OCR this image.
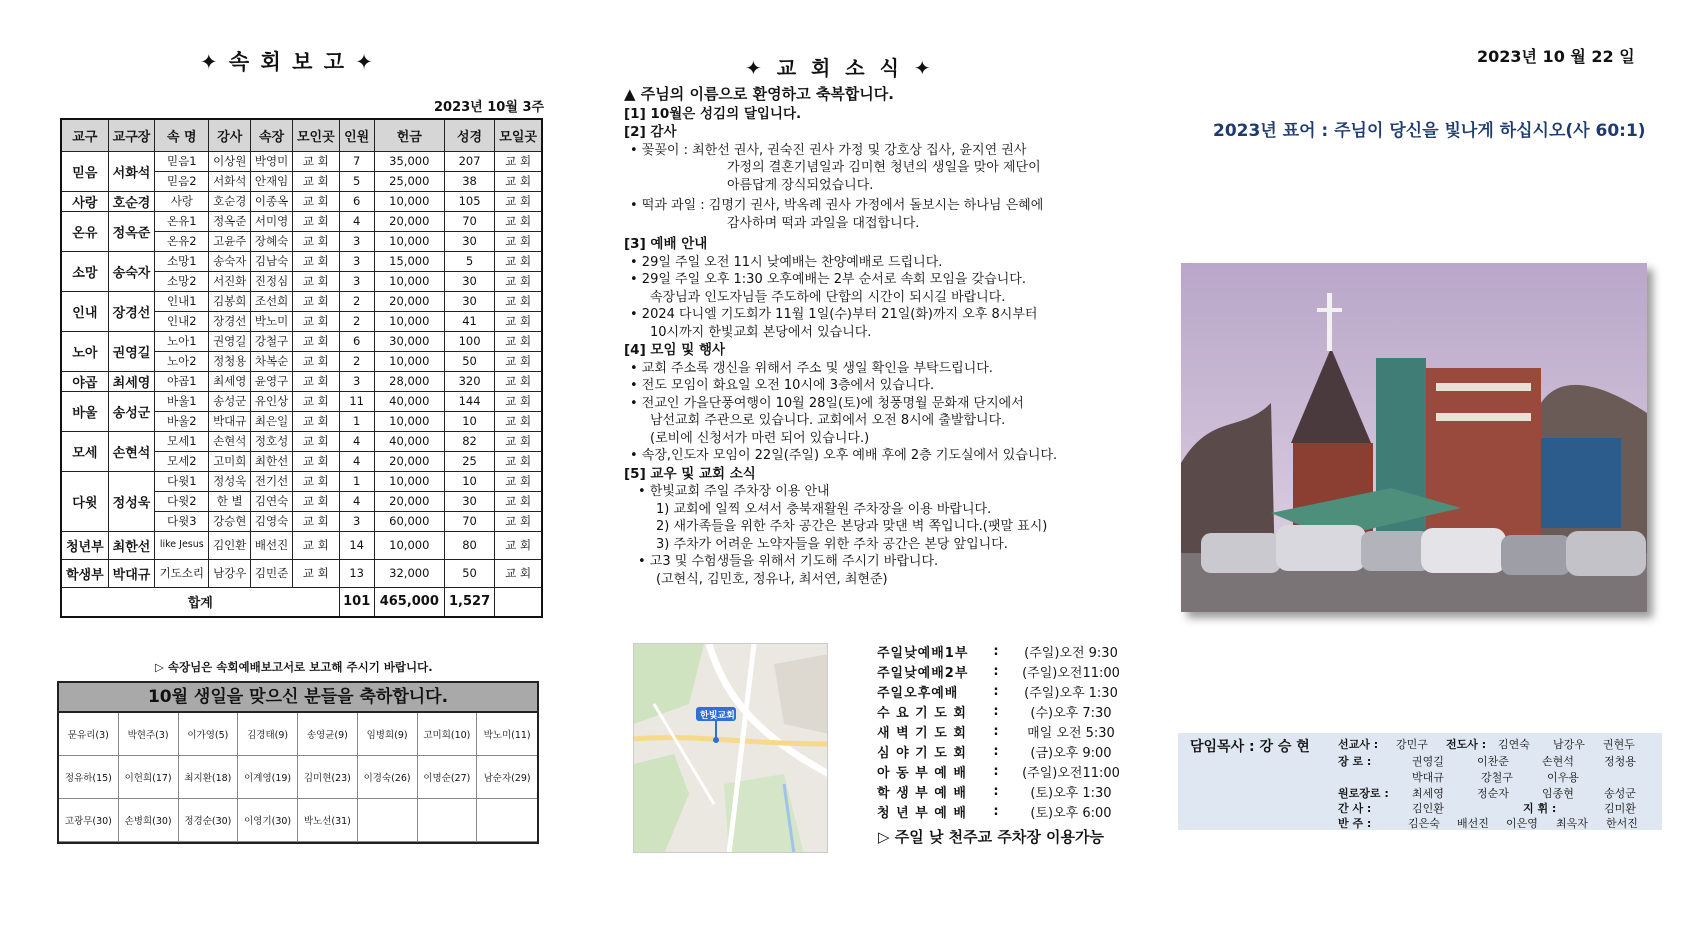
✦ 속 회 보 고 ✦
2023년 10월 3주
교구	교구장	속 명	강사	속장	모인곳	인원	헌금	성경	모일곳
믿음	서화석	믿음1	이상원	박영미	교 회	7	35,000	207	교 회
		믿음2	서화석	안재임	교 회	5	25,000	38	교 회
사랑	호순경	사랑	호순경	이종옥	교 회	6	10,000	105	교 회
온유	정옥준	온유1	정옥준	서미영	교 회	4	20,000	70	교 회
		온유2	고윤주	장혜숙	교 회	3	10,000	30	교 회
소망	송숙자	소망1	송숙자	김남숙	교 회	3	15,000	5	교 회
		소망2	서진화	진정심	교 회	3	10,000	30	교 회
인내	장경선	인내1	김봉희	조선희	교 회	2	20,000	30	교 회
		인내2	장경선	박노미	교 회	2	10,000	41	교 회
노아	권영길	노아1	권영길	강철구	교 회	6	30,000	100	교 회
		노아2	정청용	차복순	교 회	2	10,000	50	교 회
야곱	최세영	야곱1	최세영	윤영구	교 회	3	28,000	320	교 회
바울	송성군	바울1	송성군	유인상	교 회	11	40,000	144	교 회
		바울2	박대규	최은일	교 회	1	10,000	10	교 회
모세	손현석	모세1	손현석	정호성	교 회	4	40,000	82	교 회
		모세2	고미희	최한선	교 회	4	20,000	25	교 회
다윗	정성욱	다윗1	정성욱	전기선	교 회	1	10,000	10	교 회
		다윗2	한 별	김연숙	교 회	4	20,000	30	교 회
		다윗3	강승현	김영숙	교 회	3	60,000	70	교 회
청년부	최한선	like Jesus	김인환	배선진	교 회	14	10,000	80	교 회
학생부	박대규	기도소리	남강우	김민준	교 회	13	32,000	50	교 회
합계						101	465,000	1,527	
▷ 속장님은 속회예배보고서로 보고해 주시기 바랍니다.
10월 생일을 맞으신 분들을 축하합니다.
문유리(3)	박현주(3)	이가영(5)	김경태(9)	송영균(9)	임병희(9)	고미희(10)	박노미(11)
정유하(15)	이헌희(17)	최지환(18)	이계영(19)	김미현(23)	이경숙(26)	이명순(27)	남순자(29)
고광무(30)	손병희(30)	정경순(30)	이영기(30)	박노선(31)
✦ 교 회 소 식 ✦
▲ 주님의 이름으로 환영하고 축복합니다.
[1] 10월은 성김의 달입니다.
[2] 감사
• 꽃꽂이 : 최한선 권사, 권숙진 권사 가정 및 강호상 집사, 윤지연 권사
가정의 결혼기념일과 김미현 청년의 생일을 맞아 제단이
아름답게 장식되었습니다.
• 떡과 과일 : 김명기 권사, 박옥례 권사 가정에서 돌보시는 하나님 은혜에
감사하며 떡과 과일을 대접합니다.
[3] 예배 안내
• 29일 주일 오전 11시 낮예배는 찬양예배로 드립니다.
• 29일 주일 오후 1:30 오후예배는 2부 순서로 속회 모임을 갖습니다.
속장님과 인도자님들 주도하에 단합의 시간이 되시길 바랍니다.
• 2024 다니엘 기도회가 11월 1일(수)부터 21일(화)까지 오후 8시부터
10시까지 한빛교회 본당에서 있습니다.
[4] 모임 및 행사
• 교회 주소록 갱신을 위해서 주소 및 생일 확인을 부탁드립니다.
• 전도 모임이 화요일 오전 10시에 3층에서 있습니다.
• 전교인 가을단풍여행이 10월 28일(토)에 청풍명월 문화재 단지에서
남선교회 주관으로 있습니다. 교회에서 오전 8시에 출발합니다.
(로비에 신청서가 마련 되어 있습니다.)
• 속장,인도자 모임이 22일(주일) 오후 예배 후에 2층 기도실에서 있습니다.
[5] 교우 및 교회 소식
• 한빛교회 주일 주차장 이용 안내
1) 교회에 일찍 오셔서 충북재활원 주차장을 이용 바랍니다.
2) 새가족들을 위한 주차 공간은 본당과 맞댄 벽 쪽입니다.(팻말 표시)
3) 주차가 어려운 노약자들을 위한 주차 공간은 본당 앞입니다.
• 고3 및 수험생들을 위해서 기도해 주시기 바랍니다.
(고현식, 김민호, 정유나, 최서연, 최현준)
한빛교회
주일낮예배1부	:	(주일)오전 9:30
주일낮예배2부	:	(주일)오전11:00
주일오후예배	:	(주일)오후 1:30
수 요 기 도 회	:	(수)오후 7:30
새 벽 기 도 회	:	매일 오전 5:30
심 야 기 도 회	:	(금)오후 9:00
아 동 부 예 배	:	(주일)오전11:00
학 생 부 예 배	:	(토)오후 1:30
청 년 부 예 배	:	(토)오후 6:00
▷ 주일 낮 천주교 주차장 이용가능
2023년 10 월 22 일
2023년 표어 : 주님이 당신을 빛나게 하십시오(사 60:1)
담임목사 : 강 승 현	선교사 : 강민구 전도사 : 김연숙 남강우 권현두
장 로 :	권영길	이찬준	손현석	정청용
박대규	강철구	이우용
원로장로 : 최세영	정순자	임종현	송성군
간 사 :	김인환	지 휘 :	김미환
반 주 :	김은숙 배선진 이은영 최옥자 한서진
